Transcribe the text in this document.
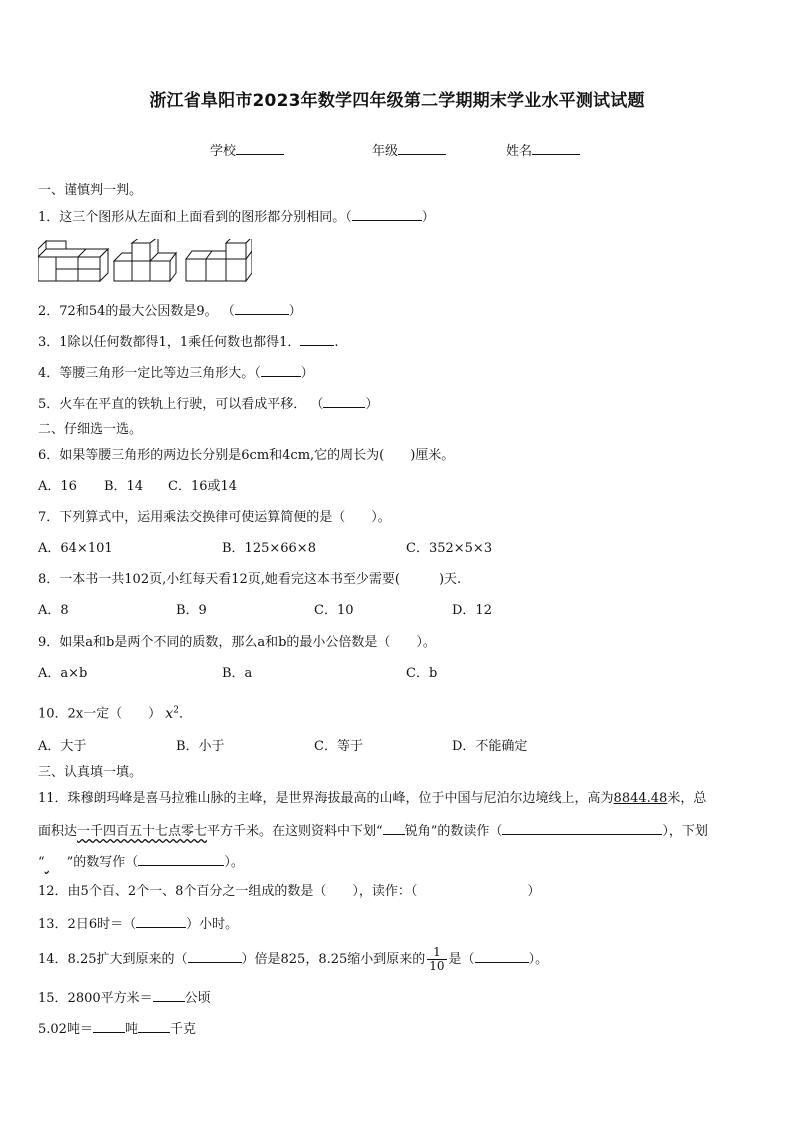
浙江省阜阳市2023年数学四年级第二学期期末学业水平测试试题
学校	年级	姓名
一、谨慎判一判。
1．这三个图形从左面和上面看到的图形都分别相同。（	）
2．72和54的最大公因数是9。 （	）
3．1除以任何数都得1，1乘任何数也都得1．	.
4．等腰三角形一定比等边三角形大。（	）
5．火车在平直的铁轨上行驶，可以看成平移． （	）
二、仔细选一选。
6．如果等腰三角形的两边长分别是6cm和4cm,它的周长为(　　)厘米。
A．16 B．14 C．16或14
7．下列算式中，运用乘法交换律可使运算简便的是（　　）。
A．64×101	B．125×66×8	C．352×5×3
8．一本书一共102页,小红每天看12页,她看完这本书至少需要(　　　)天.
A．8	B．9	C．10	D．12
9．如果a和b是两个不同的质数，那么a和b的最小公倍数是（　　）。
A．a×b	B．a	C．b
10．2x一定（　　） $x^2$．
A．大于	B．小于	C．等于	D．不能确定
三、认真填一填。
11．珠穆朗玛峰是喜马拉雅山脉的主峰，是世界海拔最高的山峰，位于中国与尼泊尔边境线上，高为8844.48米，总
面积达一千四百五十七点零七平方千米。在这则资料中下划“ 锐角”的数读作（	），下划
“ ”的数写作（	）。
12．由5个百、2个一、8个百分之一组成的数是（　　），读作：（	）
13．2日6时＝（	）小时。
14．8.25扩大到原来的（	）倍是825，8.25缩小到原来的 $\frac{1}{10}$ 是（	）。
15．2800平方米＝ 公顷
5.02吨＝ 吨 千克
